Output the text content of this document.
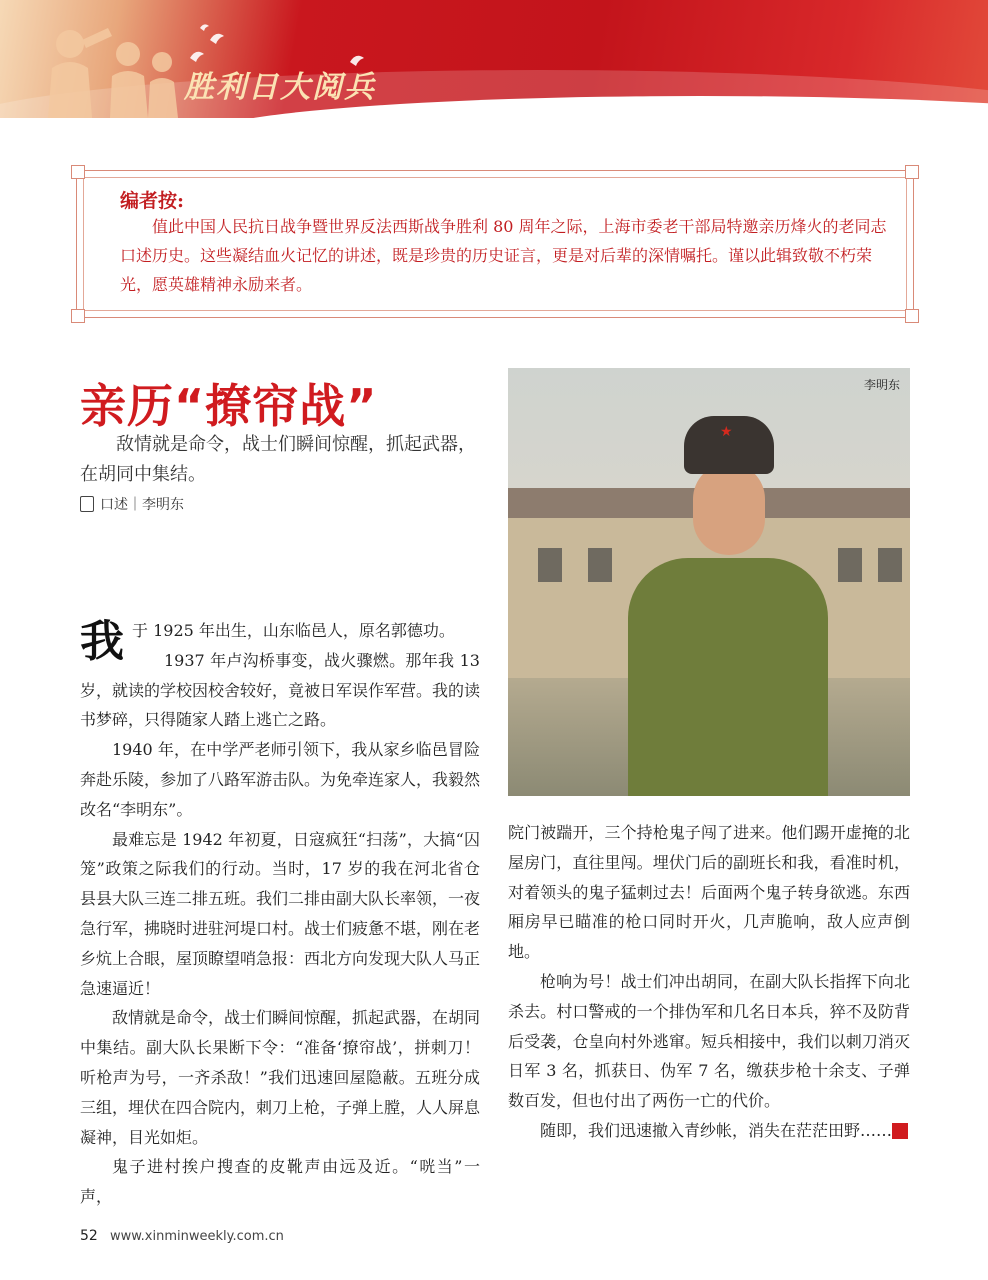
胜利日大阅兵
编者按:
值此中国人民抗日战争暨世界反法西斯战争胜利 80 周年之际，上海市委老干部局特邀亲历烽火的老同志口述历史。这些凝结血火记忆的讲述，既是珍贵的历史证言，更是对后辈的深情嘱托。谨以此辑致敬不朽荣光，愿英雄精神永励来者。
亲历“撩帘战”
敌情就是命令，战士们瞬间惊醒，抓起武器，在胡同中集结。
口述｜李明东
★
李明东

我于 1925 年出生，山东临邑人，原名郭德功。
1937 年卢沟桥事变，战火骤燃。那年我 13 岁，就读的学校因校舍较好，竟被日军误作军营。我的读书梦碎，只得随家人踏上逃亡之路。

1940 年，在中学严老师引领下，我从家乡临邑冒险奔赴乐陵，参加了八路军游击队。为免牵连家人，我毅然改名“李明东”。

最难忘是 1942 年初夏，日寇疯狂“扫荡”，大搞“囚笼”政策之际我们的行动。当时，17 岁的我在河北省仓县县大队三连二排五班。我们二排由副大队长率领，一夜急行军，拂晓时进驻河堤口村。战士们疲惫不堪，刚在老乡炕上合眼，屋顶瞭望哨急报：西北方向发现大队人马正急速逼近！

敌情就是命令，战士们瞬间惊醒，抓起武器，在胡同中集结。副大队长果断下令：“准备‘撩帘战’，拼刺刀！听枪声为号，一齐杀敌！”我们迅速回屋隐蔽。五班分成三组，埋伏在四合院内，刺刀上枪，子弹上膛，人人屏息凝神，目光如炬。

鬼子进村挨户搜查的皮靴声由远及近。“咣当”一声，

院门被踹开，三个持枪鬼子闯了进来。他们踢开虚掩的北屋房门，直往里闯。埋伏门后的副班长和我，看准时机，对着领头的鬼子猛刺过去！后面两个鬼子转身欲逃。东西厢房早已瞄准的枪口同时开火，几声脆响，敌人应声倒地。

枪响为号！战士们冲出胡同，在副大队长指挥下向北杀去。村口警戒的一个排伪军和几名日本兵，猝不及防背后受袭，仓皇向村外逃窜。短兵相接中，我们以刺刀消灭日军 3 名，抓获日、伪军 7 名，缴获步枪十余支、子弹数百发，但也付出了两伤一亡的代价。

随即，我们迅速撤入青纱帐，消失在茫茫田野……	民

52 www.xinminweekly.com.cn
